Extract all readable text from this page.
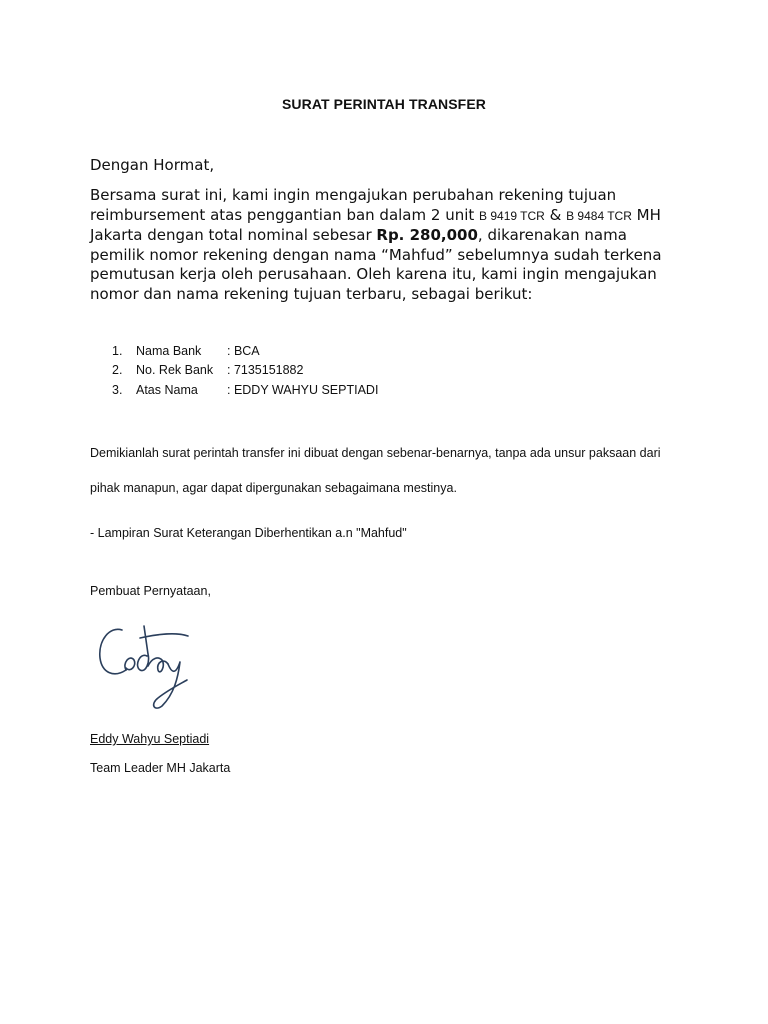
SURAT PERINTAH TRANSFER
Dengan Hormat,
Bersama surat ini, kami ingin mengajukan perubahan rekening tujuan reimbursement atas penggantian ban dalam 2 unit B 9419 TCR & B 9484 TCR MH Jakarta dengan total nominal sebesar Rp. 280,000, dikarenakan nama pemilik nomor rekening dengan nama “Mahfud” sebelumnya sudah terkena pemutusan kerja oleh perusahaan. Oleh karena itu, kami ingin mengajukan nomor dan nama rekening tujuan terbaru, sebagai berikut:
1. Nama Bank : BCA
2. No. Rek Bank : 7135151882
3. Atas Nama : EDDY WAHYU SEPTIADI
Demikianlah surat perintah transfer ini dibuat dengan sebenar-benarnya, tanpa ada unsur paksaan dari pihak manapun, agar dapat dipergunakan sebagaimana mestinya.
- Lampiran Surat Keterangan Diberhentikan a.n "Mahfud"
Pembuat Pernyataan,
Eddy Wahyu Septiadi
Team Leader MH Jakarta
